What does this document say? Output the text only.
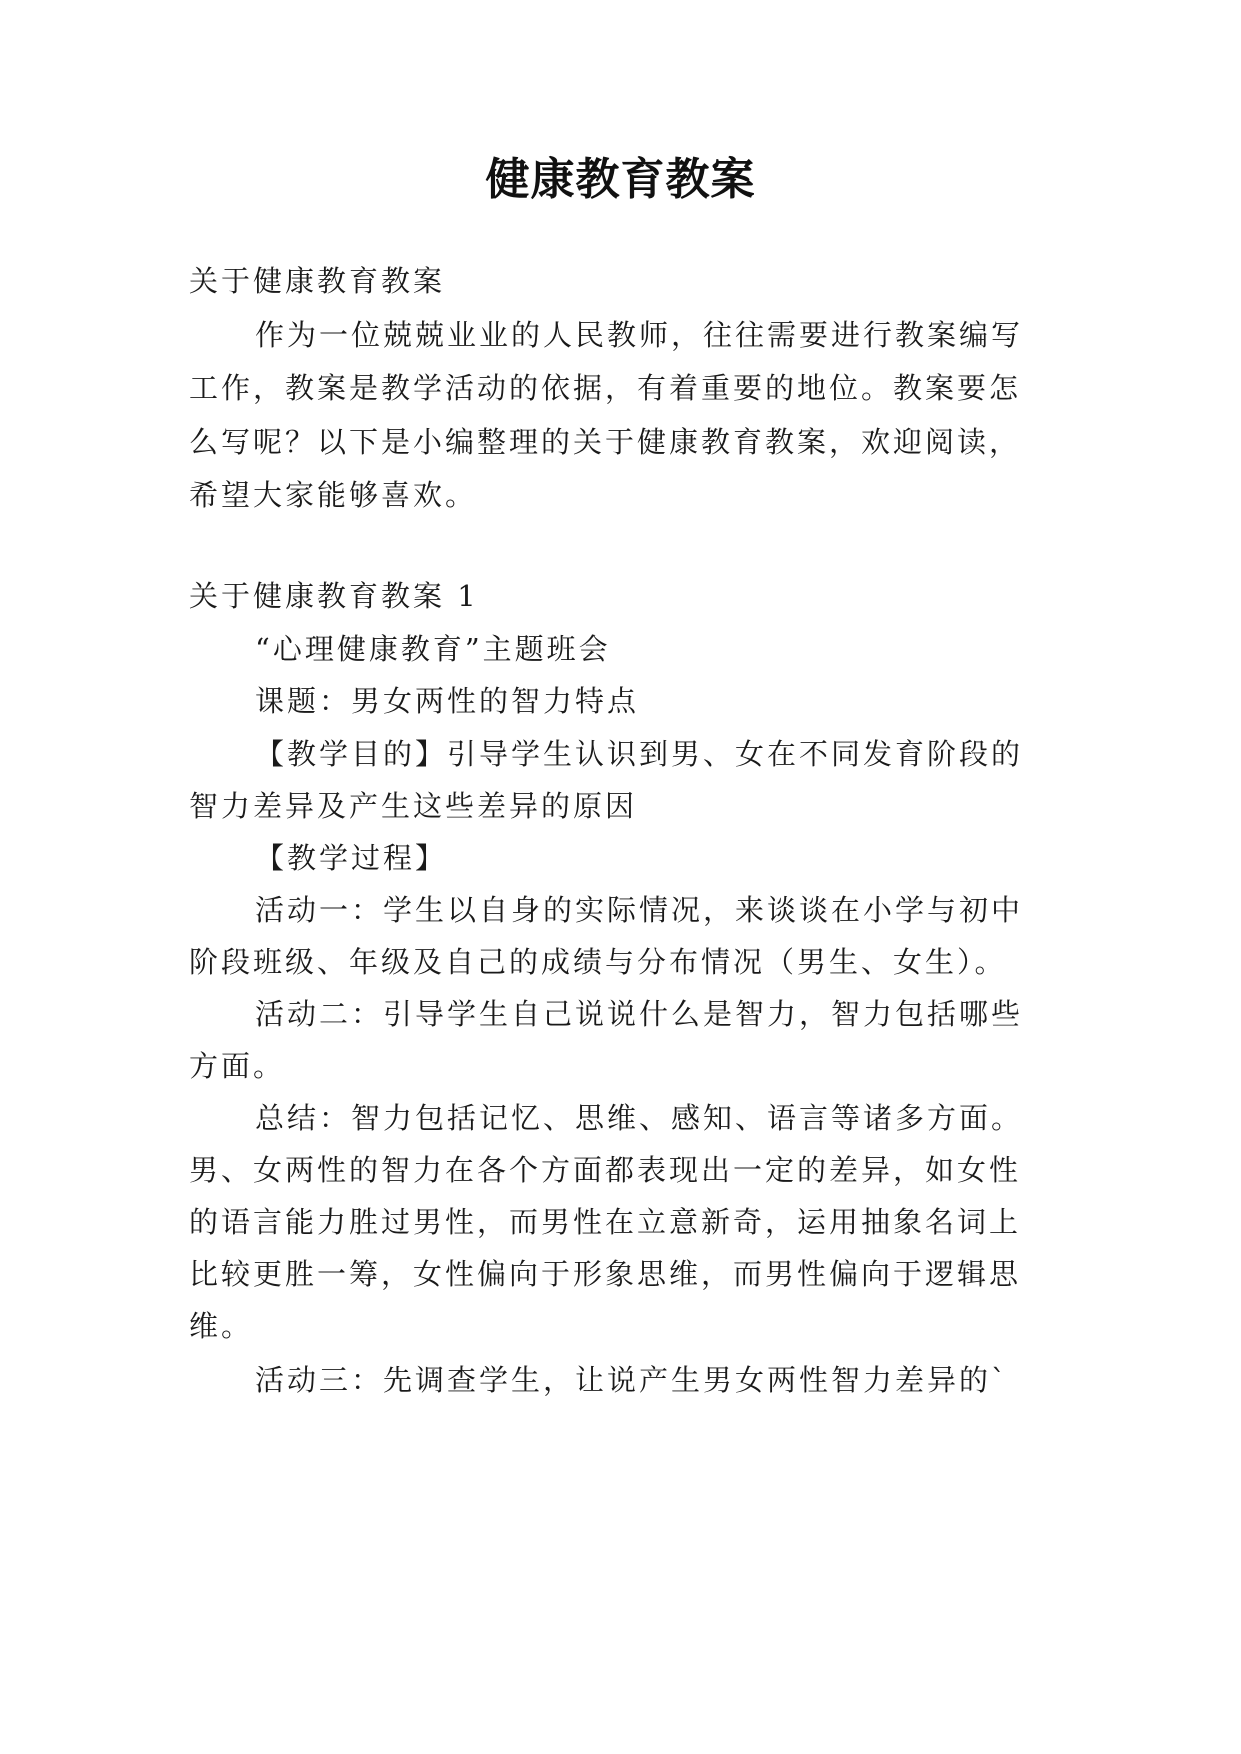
健康教育教案
关于健康教育教案
作为一位兢兢业业的人民教师，往往需要进行教案编写
工作，教案是教学活动的依据，有着重要的地位。教案要怎
么写呢？以下是小编整理的关于健康教育教案，欢迎阅读，
希望大家能够喜欢。
关于健康教育教案 1
“心理健康教育”主题班会
课题：男女两性的智力特点
【教学目的】引导学生认识到男、女在不同发育阶段的
智力差异及产生这些差异的原因
【教学过程】
活动一：学生以自身的实际情况，来谈谈在小学与初中
阶段班级、年级及自己的成绩与分布情况（男生、女生）。
活动二：引导学生自己说说什么是智力，智力包括哪些
方面。
总结：智力包括记忆、思维、感知、语言等诸多方面。
男、女两性的智力在各个方面都表现出一定的差异，如女性
的语言能力胜过男性，而男性在立意新奇，运用抽象名词上
比较更胜一筹，女性偏向于形象思维，而男性偏向于逻辑思
维。
活动三：先调查学生，让说产生男女两性智力差异的`
